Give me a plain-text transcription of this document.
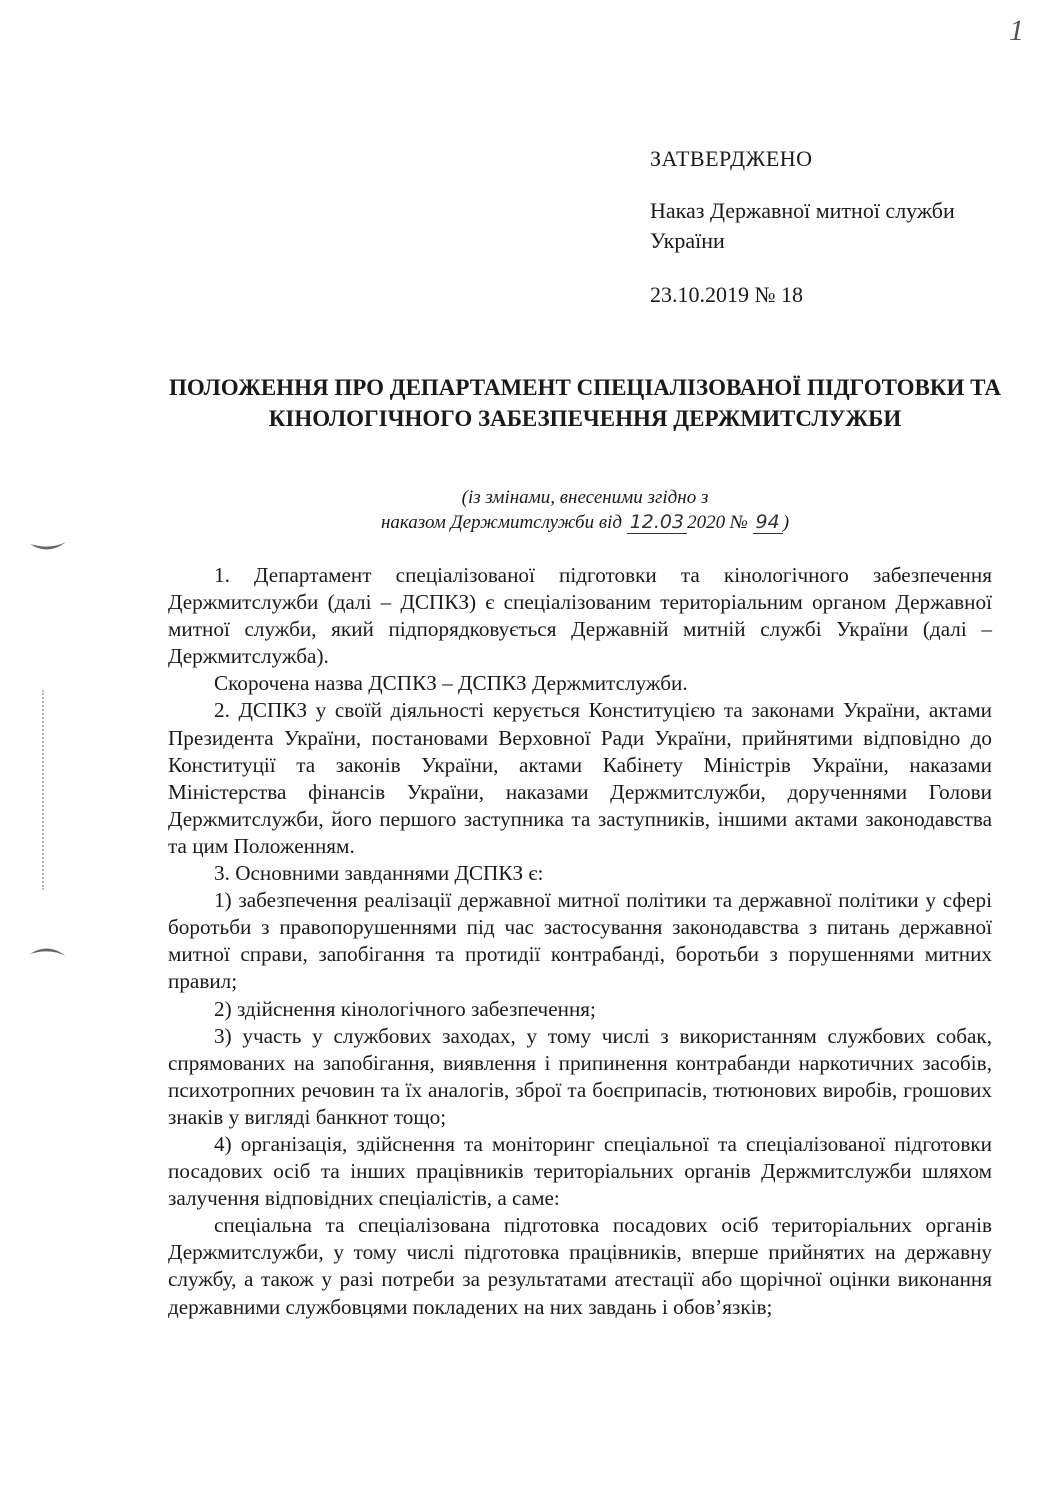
1

ЗАТВЕРДЖЕНО

Наказ Державної митної служби України

23.10.2019 № 18

ПОЛОЖЕННЯ ПРО ДЕПАРТАМЕНТ СПЕЦІАЛІЗОВАНОЇ ПІДГОТОВКИ ТА КІНОЛОГІЧНОГО ЗАБЕЗПЕЧЕННЯ ДЕРЖМИТСЛУЖБИ
(із змінами, внесеними згідно з
наказом Держмитслужби від 12.03 2020 № 94 )

1. Департамент спеціалізованої підготовки та кінологічного забезпечення Держмитслужби (далі – ДСПКЗ) є спеціалізованим територіальним органом Державної митної служби, який підпорядковується Державній митній службі України (далі – Держмитслужба).

Скорочена назва ДСПКЗ – ДСПКЗ Держмитслужби.

2. ДСПКЗ у своїй діяльності керується Конституцією та законами України, актами Президента України, постановами Верховної Ради України, прийнятими відповідно до Конституції та законів України, актами Кабінету Міністрів України, наказами Міністерства фінансів України, наказами Держмитслужби, дорученнями Голови Держмитслужби, його першого заступника та заступників, іншими актами законодавства та цим Положенням.

3. Основними завданнями ДСПКЗ є:

1) забезпечення реалізації державної митної політики та державної політики у сфері боротьби з правопорушеннями під час застосування законодавства з питань державної митної справи, запобігання та протидії контрабанді, боротьби з порушеннями митних правил;

2) здійснення кінологічного забезпечення;

3) участь у службових заходах, у тому числі з використанням службових собак, спрямованих на запобігання, виявлення і припинення контрабанди наркотичних засобів, психотропних речовин та їх аналогів, зброї та боєприпасів, тютюнових виробів, грошових знаків у вигляді банкнот тощо;

4) організація, здійснення та моніторинг спеціальної та спеціалізованої підготовки посадових осіб та інших працівників територіальних органів Держмитслужби шляхом залучення відповідних спеціалістів, а саме:

спеціальна та спеціалізована підготовка посадових осіб територіальних органів Держмитслужби, у тому числі підготовка працівників, вперше прийнятих на державну службу, а також у разі потреби за результатами атестації або щорічної оцінки виконання державними службовцями покладених на них завдань і обов’язків;
